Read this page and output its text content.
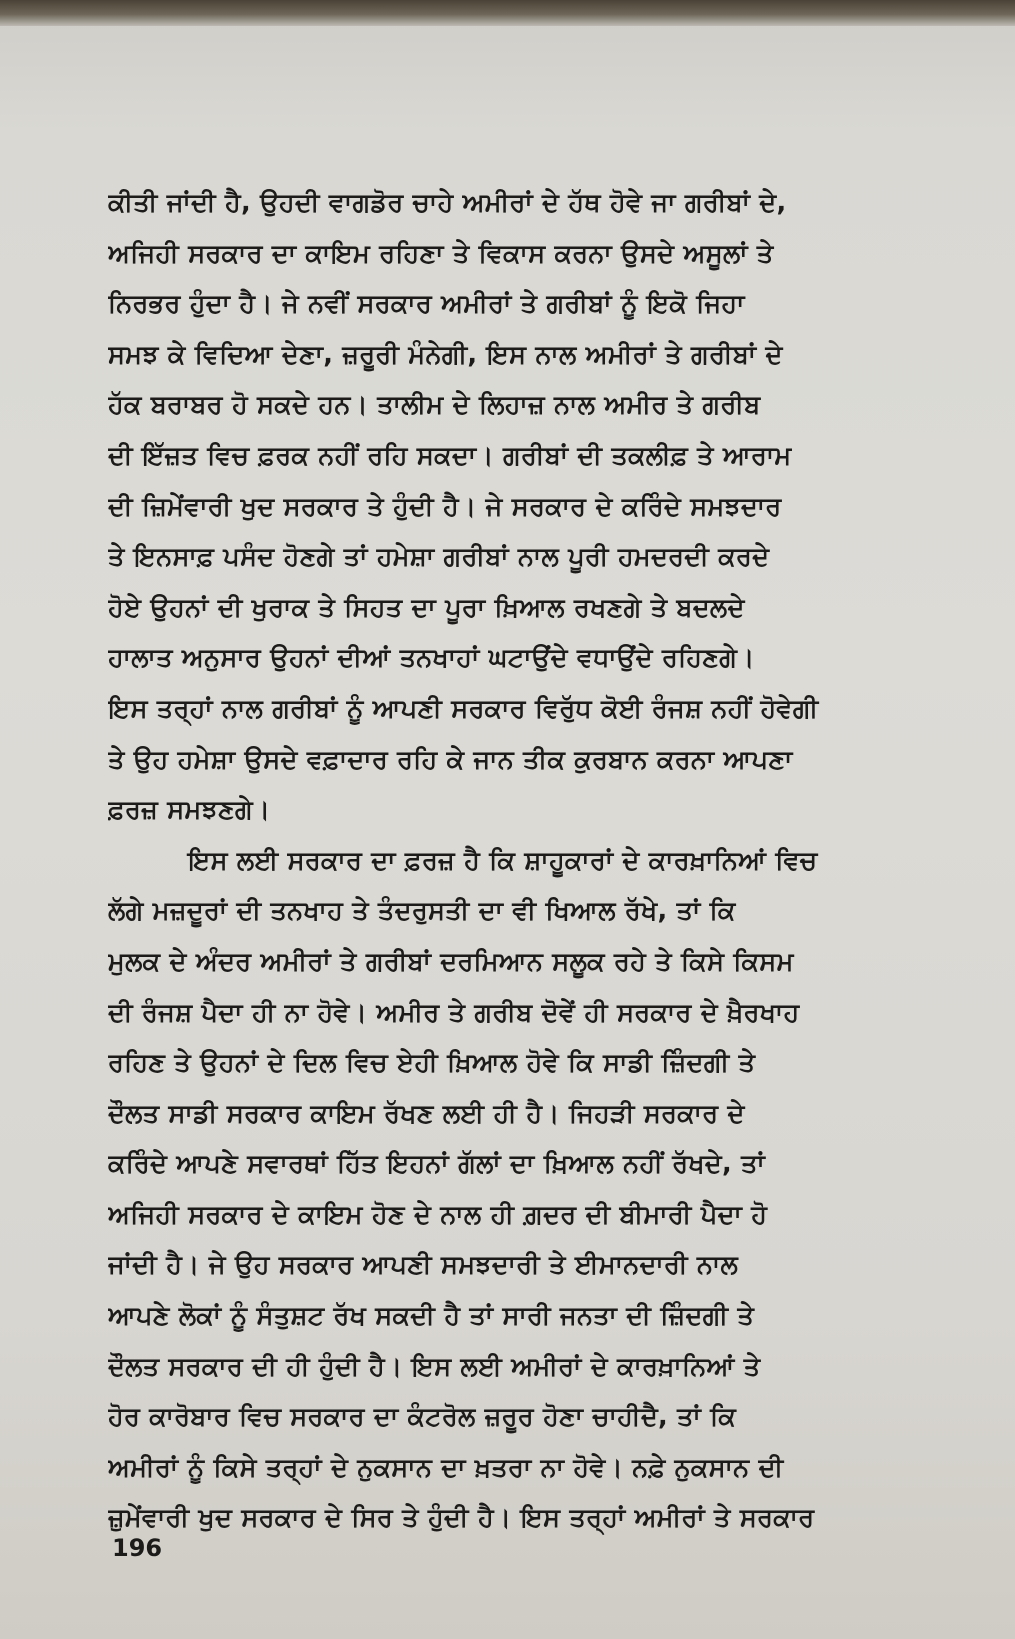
ਕੀਤੀ ਜਾਂਦੀ ਹੈ, ਉਹਦੀ ਵਾਗਡੋਰ ਚਾਹੇ ਅਮੀਰਾਂ ਦੇ ਹੱਥ ਹੋਵੇ ਜਾ ਗਰੀਬਾਂ ਦੇ,
ਅਜਿਹੀ ਸਰਕਾਰ ਦਾ ਕਾਇਮ ਰਹਿਣਾ ਤੇ ਵਿਕਾਸ ਕਰਨਾ ਉਸਦੇ ਅਸੂਲਾਂ ਤੇ
ਨਿਰਭਰ ਹੁੰਦਾ ਹੈ। ਜੇ ਨਵੀਂ ਸਰਕਾਰ ਅਮੀਰਾਂ ਤੇ ਗਰੀਬਾਂ ਨੂੰ ਇਕੋ ਜਿਹਾ
ਸਮਝ ਕੇ ਵਿਦਿਆ ਦੇਣਾ, ਜ਼ਰੂਰੀ ਮੰਨੇਗੀ, ਇਸ ਨਾਲ ਅਮੀਰਾਂ ਤੇ ਗਰੀਬਾਂ ਦੇ
ਹੱਕ ਬਰਾਬਰ ਹੋ ਸਕਦੇ ਹਨ। ਤਾਲੀਮ ਦੇ ਲਿਹਾਜ਼ ਨਾਲ ਅਮੀਰ ਤੇ ਗਰੀਬ
ਦੀ ਇੱਜ਼ਤ ਵਿਚ ਫ਼ਰਕ ਨਹੀਂ ਰਹਿ ਸਕਦਾ। ਗਰੀਬਾਂ ਦੀ ਤਕਲੀਫ਼ ਤੇ ਆਰਾਮ
ਦੀ ਜ਼ਿਮੇਂਵਾਰੀ ਖੁਦ ਸਰਕਾਰ ਤੇ ਹੁੰਦੀ ਹੈ। ਜੇ ਸਰਕਾਰ ਦੇ ਕਰਿੰਦੇ ਸਮਝਦਾਰ
ਤੇ ਇਨਸਾਫ਼ ਪਸੰਦ ਹੋਣਗੇ ਤਾਂ ਹਮੇਸ਼ਾ ਗਰੀਬਾਂ ਨਾਲ ਪੂਰੀ ਹਮਦਰਦੀ ਕਰਦੇ
ਹੋਏ ਉਹਨਾਂ ਦੀ ਖੁਰਾਕ ਤੇ ਸਿਹਤ ਦਾ ਪੂਰਾ ਖ਼ਿਆਲ ਰਖਣਗੇ ਤੇ ਬਦਲਦੇ
ਹਾਲਾਤ ਅਨੁਸਾਰ ਉਹਨਾਂ ਦੀਆਂ ਤਨਖਾਹਾਂ ਘਟਾਉਂਦੇ ਵਧਾਉਂਦੇ ਰਹਿਣਗੇ।
ਇਸ ਤਰ੍ਹਾਂ ਨਾਲ ਗਰੀਬਾਂ ਨੂੰ ਆਪਣੀ ਸਰਕਾਰ ਵਿਰੁੱਧ ਕੋਈ ਰੰਜਸ਼ ਨਹੀਂ ਹੋਵੇਗੀ
ਤੇ ਉਹ ਹਮੇਸ਼ਾ ਉਸਦੇ ਵਫ਼ਾਦਾਰ ਰਹਿ ਕੇ ਜਾਨ ਤੀਕ ਕੁਰਬਾਨ ਕਰਨਾ ਆਪਣਾ
ਫ਼ਰਜ਼ ਸਮਝਣਗੇ।
ਇਸ ਲਈ ਸਰਕਾਰ ਦਾ ਫ਼ਰਜ਼ ਹੈ ਕਿ ਸ਼ਾਹੂਕਾਰਾਂ ਦੇ ਕਾਰਖ਼ਾਨਿਆਂ ਵਿਚ
ਲੱਗੇ ਮਜ਼ਦੂਰਾਂ ਦੀ ਤਨਖਾਹ ਤੇ ਤੰਦਰੁਸਤੀ ਦਾ ਵੀ ਖਿਆਲ ਰੱਖੇ, ਤਾਂ ਕਿ
ਮੁਲਕ ਦੇ ਅੰਦਰ ਅਮੀਰਾਂ ਤੇ ਗਰੀਬਾਂ ਦਰਮਿਆਨ ਸਲੂਕ ਰਹੇ ਤੇ ਕਿਸੇ ਕਿਸਮ
ਦੀ ਰੰਜਸ਼ ਪੈਦਾ ਹੀ ਨਾ ਹੋਵੇ। ਅਮੀਰ ਤੇ ਗਰੀਬ ਦੋਵੇਂ ਹੀ ਸਰਕਾਰ ਦੇ ਖ਼ੈਰਖਾਹ
ਰਹਿਣ ਤੇ ਉਹਨਾਂ ਦੇ ਦਿਲ ਵਿਚ ਏਹੀ ਖ਼ਿਆਲ ਹੋਵੇ ਕਿ ਸਾਡੀ ਜ਼ਿੰਦਗੀ ਤੇ
ਦੌਲਤ ਸਾਡੀ ਸਰਕਾਰ ਕਾਇਮ ਰੱਖਣ ਲਈ ਹੀ ਹੈ। ਜਿਹੜੀ ਸਰਕਾਰ ਦੇ
ਕਰਿੰਦੇ ਆਪਣੇ ਸਵਾਰਥਾਂ ਹਿੱਤ ਇਹਨਾਂ ਗੱਲਾਂ ਦਾ ਖ਼ਿਆਲ ਨਹੀਂ ਰੱਖਦੇ, ਤਾਂ
ਅਜਿਹੀ ਸਰਕਾਰ ਦੇ ਕਾਇਮ ਹੋਣ ਦੇ ਨਾਲ ਹੀ ਗ਼ਦਰ ਦੀ ਬੀਮਾਰੀ ਪੈਦਾ ਹੋ
ਜਾਂਦੀ ਹੈ। ਜੇ ਉਹ ਸਰਕਾਰ ਆਪਣੀ ਸਮਝਦਾਰੀ ਤੇ ਈਮਾਨਦਾਰੀ ਨਾਲ
ਆਪਣੇ ਲੋਕਾਂ ਨੂੰ ਸੰਤੁਸ਼ਟ ਰੱਖ ਸਕਦੀ ਹੈ ਤਾਂ ਸਾਰੀ ਜਨਤਾ ਦੀ ਜ਼ਿੰਦਗੀ ਤੇ
ਦੌਲਤ ਸਰਕਾਰ ਦੀ ਹੀ ਹੁੰਦੀ ਹੈ। ਇਸ ਲਈ ਅਮੀਰਾਂ ਦੇ ਕਾਰਖ਼ਾਨਿਆਂ ਤੇ
ਹੋਰ ਕਾਰੋਬਾਰ ਵਿਚ ਸਰਕਾਰ ਦਾ ਕੰਟਰੋਲ ਜ਼ਰੂਰ ਹੋਣਾ ਚਾਹੀਦੈ, ਤਾਂ ਕਿ
ਅਮੀਰਾਂ ਨੂੰ ਕਿਸੇ ਤਰ੍ਹਾਂ ਦੇ ਨੁਕਸਾਨ ਦਾ ਖ਼ਤਰਾ ਨਾ ਹੋਵੇ। ਨਫ਼ੇ ਨੁਕਸਾਨ ਦੀ
ਜ਼ੁਮੇਂਵਾਰੀ ਖੁਦ ਸਰਕਾਰ ਦੇ ਸਿਰ ਤੇ ਹੁੰਦੀ ਹੈ। ਇਸ ਤਰ੍ਹਾਂ ਅਮੀਰਾਂ ਤੇ ਸਰਕਾਰ
196
